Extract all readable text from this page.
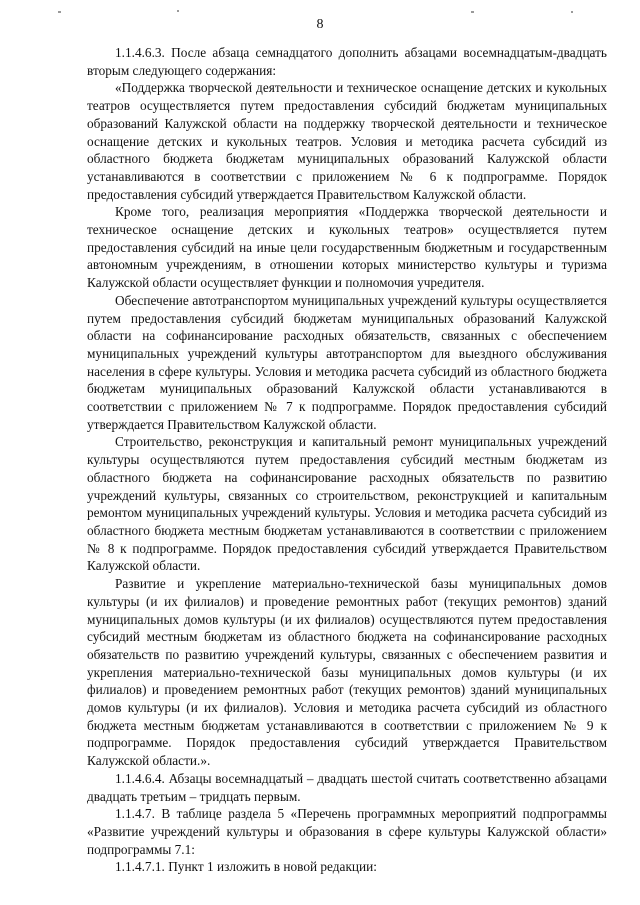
8

1.1.4.6.3. После абзаца семнадцатого дополнить абзацами восемнадцатым-двадцать вторым следующего содержания:

«Поддержка творческой деятельности и техническое оснащение детских и кукольных театров осуществляется путем предоставления субсидий бюджетам муниципальных образований Калужской области на поддержку творческой деятельности и техническое оснащение детских и кукольных театров. Условия и методика расчета субсидий из областного бюджета бюджетам муниципальных образований Калужской области устанавливаются в соответствии с приложением № 6 к подпрограмме. Порядок предоставления субсидий утверждается Правительством Калужской области.

Кроме того, реализация мероприятия «Поддержка творческой деятельности и техническое оснащение детских и кукольных театров» осуществляется путем предоставления субсидий на иные цели государственным бюджетным и государственным автономным учреждениям, в отношении которых министерство культуры и туризма Калужской области осуществляет функции и полномочия учредителя.

Обеспечение автотранспортом муниципальных учреждений культуры осуществляется путем предоставления субсидий бюджетам муниципальных образований Калужской области на софинансирование расходных обязательств, связанных с обеспечением муниципальных учреждений культуры автотранспортом для выездного обслуживания населения в сфере культуры. Условия и методика расчета субсидий из областного бюджета бюджетам муниципальных образований Калужской области устанавливаются в соответствии с приложением № 7 к подпрограмме. Порядок предоставления субсидий утверждается Правительством Калужской области.

Строительство, реконструкция и капитальный ремонт муниципальных учреждений культуры осуществляются путем предоставления субсидий местным бюджетам из областного бюджета на софинансирование расходных обязательств по развитию учреждений культуры, связанных со строительством, реконструкцией и капитальным ремонтом муниципальных учреждений культуры. Условия и методика расчета субсидий из областного бюджета местным бюджетам устанавливаются в соответствии с приложением № 8 к подпрограмме. Порядок предоставления субсидий утверждается Правительством Калужской области.

Развитие и укрепление материально-технической базы муниципальных домов культуры (и их филиалов) и проведение ремонтных работ (текущих ремонтов) зданий муниципальных домов культуры (и их филиалов) осуществляются путем предоставления субсидий местным бюджетам из областного бюджета на софинансирование расходных обязательств по развитию учреждений культуры, связанных с обеспечением развития и укрепления материально-технической базы муниципальных домов культуры (и их филиалов) и проведением ремонтных работ (текущих ремонтов) зданий муниципальных домов культуры (и их филиалов). Условия и методика расчета субсидий из областного бюджета местным бюджетам устанавливаются в соответствии с приложением № 9 к подпрограмме. Порядок предоставления субсидий утверждается Правительством Калужской области.».

1.1.4.6.4. Абзацы восемнадцатый – двадцать шестой считать соответственно абзацами двадцать третьим – тридцать первым.

1.1.4.7. В таблице раздела 5 «Перечень программных мероприятий подпрограммы «Развитие учреждений культуры и образования в сфере культуры Калужской области» подпрограммы 7.1:

1.1.4.7.1. Пункт 1 изложить в новой редакции:
